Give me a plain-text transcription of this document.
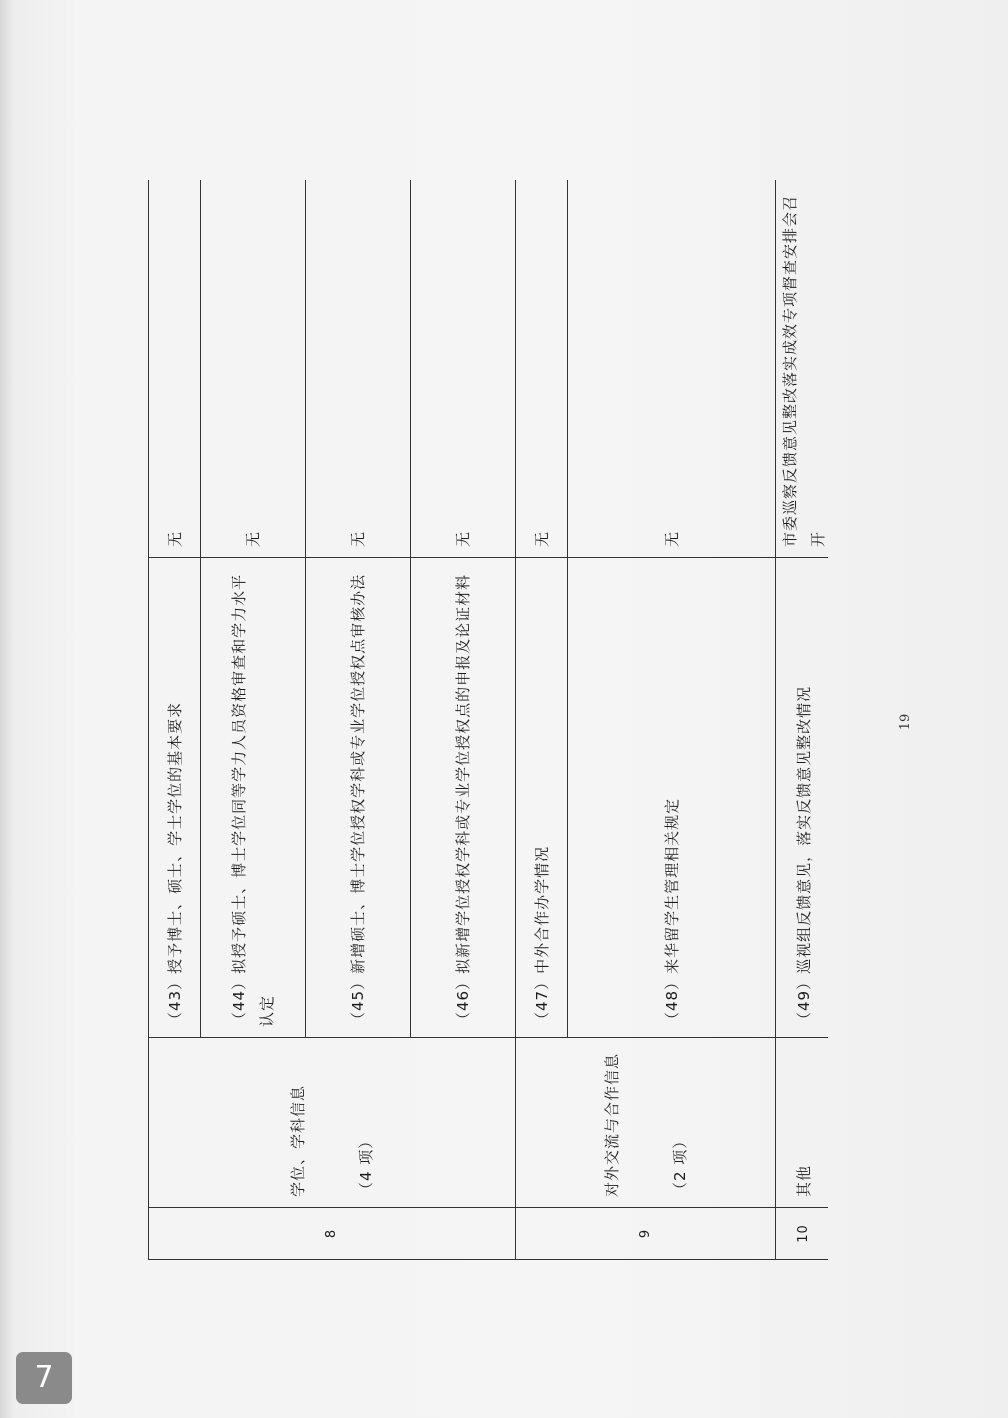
8	学位、学科信息 （4 项）	（43）授予博士、硕士、学士学位的基本要求	无
		（44）拟授予硕士、博士学位同等学力人员资格审查和学力水平认定	无
		（45）新增硕士、博士学位授权学科或专业学位授权点审核办法	无
		（46）拟新增学位授权学科或专业学位授权点的申报及论证材料	无
9	对外交流与合作信息 （2 项）	（47）中外合作办学情况	无
		（48）来华留学生管理相关规定	无
10	其他	（49）巡视组反馈意见，落实反馈意见整改情况	市委巡察反馈意见整改落实成效专项督查安排会召开
19
7
